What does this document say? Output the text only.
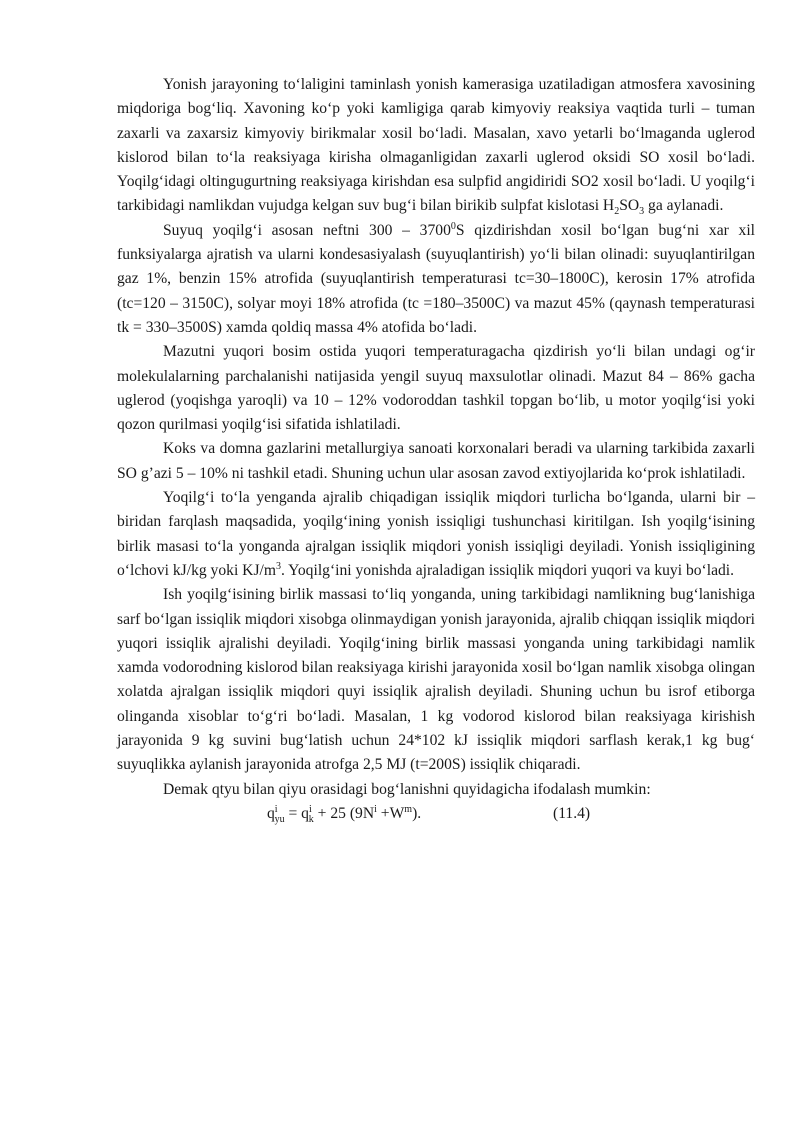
Yonish jarayoning to‘laligini taminlash yonish kamerasiga uzatiladigan atmosfera xavosining miqdoriga bog‘liq. Xavoning ko‘p yoki kamligiga qarab kimyoviy reaksiya vaqtida turli – tuman zaxarli va zaxarsiz kimyoviy birikmalar xosil bo‘ladi. Masalan, xavo yetarli bo‘lmaganda uglerod kislorod bilan to‘la reaksiyaga kirisha olmaganligidan zaxarli uglerod oksidi SO xosil bo‘ladi. Yoqilg‘idagi oltingugurtning reaksiyaga kirishdan esa sulpfid angidiridi SO2 xosil bo‘ladi. U yoqilg‘i tarkibidagi namlikdan vujudga kelgan suv bug‘i bilan birikib sulpfat kislotasi $H_2SO_3$ ga aylanadi.

Suyuq yoqilg‘i asosan neftni 300 – 3700$^0$S qizdirishdan xosil bo‘lgan bug‘ni xar xil funksiyalarga ajratish va ularni kondesasiyalash (suyuqlantirish) yo‘li bilan olinadi: suyuqlantirilgan gaz 1%, benzin 15% atrofida (suyuqlantirish temperaturasi tc=30–1800C), kerosin 17% atrofida (tc=120 – 3150C), solyar moyi 18% atrofida (tc =180–3500C) va mazut 45% (qaynash temperaturasi tk = 330–3500S) xamda qoldiq massa 4% atofida bo‘ladi.

Mazutni yuqori bosim ostida yuqori temperaturagacha qizdirish yo‘li bilan undagi og‘ir molekulalarning parchalanishi natijasida yengil suyuq maxsulotlar olinadi. Mazut 84 – 86% gacha uglerod (yoqishga yaroqli) va 10 – 12% vodoroddan tashkil topgan bo‘lib, u motor yoqilg‘isi yoki qozon qurilmasi yoqilg‘isi sifatida ishlatiladi.

Koks va domna gazlarini metallurgiya sanoati korxonalari beradi va ularning tarkibida zaxarli SO g’azi 5 – 10% ni tashkil etadi. Shuning uchun ular asosan zavod extiyojlarida ko‘prok ishlatiladi.

Yoqilg‘i to‘la yenganda ajralib chiqadigan issiqlik miqdori turlicha bo‘lganda, ularni bir – biridan farqlash maqsadida, yoqilg‘ining yonish issiqligi tushunchasi kiritilgan. Ish yoqilg‘isining birlik masasi to‘la yonganda ajralgan issiqlik miqdori yonish issiqligi deyiladi. Yonish issiqligining o‘lchovi kJ/kg yoki $KJ/m^3$. Yoqilg‘ini yonishda ajraladigan issiqlik miqdori yuqori va kuyi bo‘ladi.

Ish yoqilg‘isining birlik massasi to‘liq yonganda, uning tarkibidagi namlikning bug‘lanishiga sarf bo‘lgan issiqlik miqdori xisobga olinmaydigan yonish jarayonida, ajralib chiqqan issiqlik miqdori yuqori issiqlik ajralishi deyiladi. Yoqilg‘ining birlik massasi yonganda uning tarkibidagi namlik xamda vodorodning kislorod bilan reaksiyaga kirishi jarayonida xosil bo‘lgan namlik xisobga olingan xolatda ajralgan issiqlik miqdori quyi issiqlik ajralish deyiladi. Shuning uchun bu isrof etiborga olinganda xisoblar to‘g‘ri bo‘ladi. Masalan, 1 kg vodorod kislorod bilan reaksiyaga kirishish jarayonida 9 kg suvini bug‘latish uchun 24*102 kJ issiqlik miqdori sarflash kerak,1 kg bug‘ suyuqlikka aylanish jarayonida atrofga 2,5 MJ (t=200S) issiqlik chiqaradi.

Demak qtyu bilan qiyu orasidagi bog‘lanishni quyidagicha ifodalash mumkin:

$q^i_{yu} = q^i_k + 25$ $(9N^i +W^m)$.	(11.4)
